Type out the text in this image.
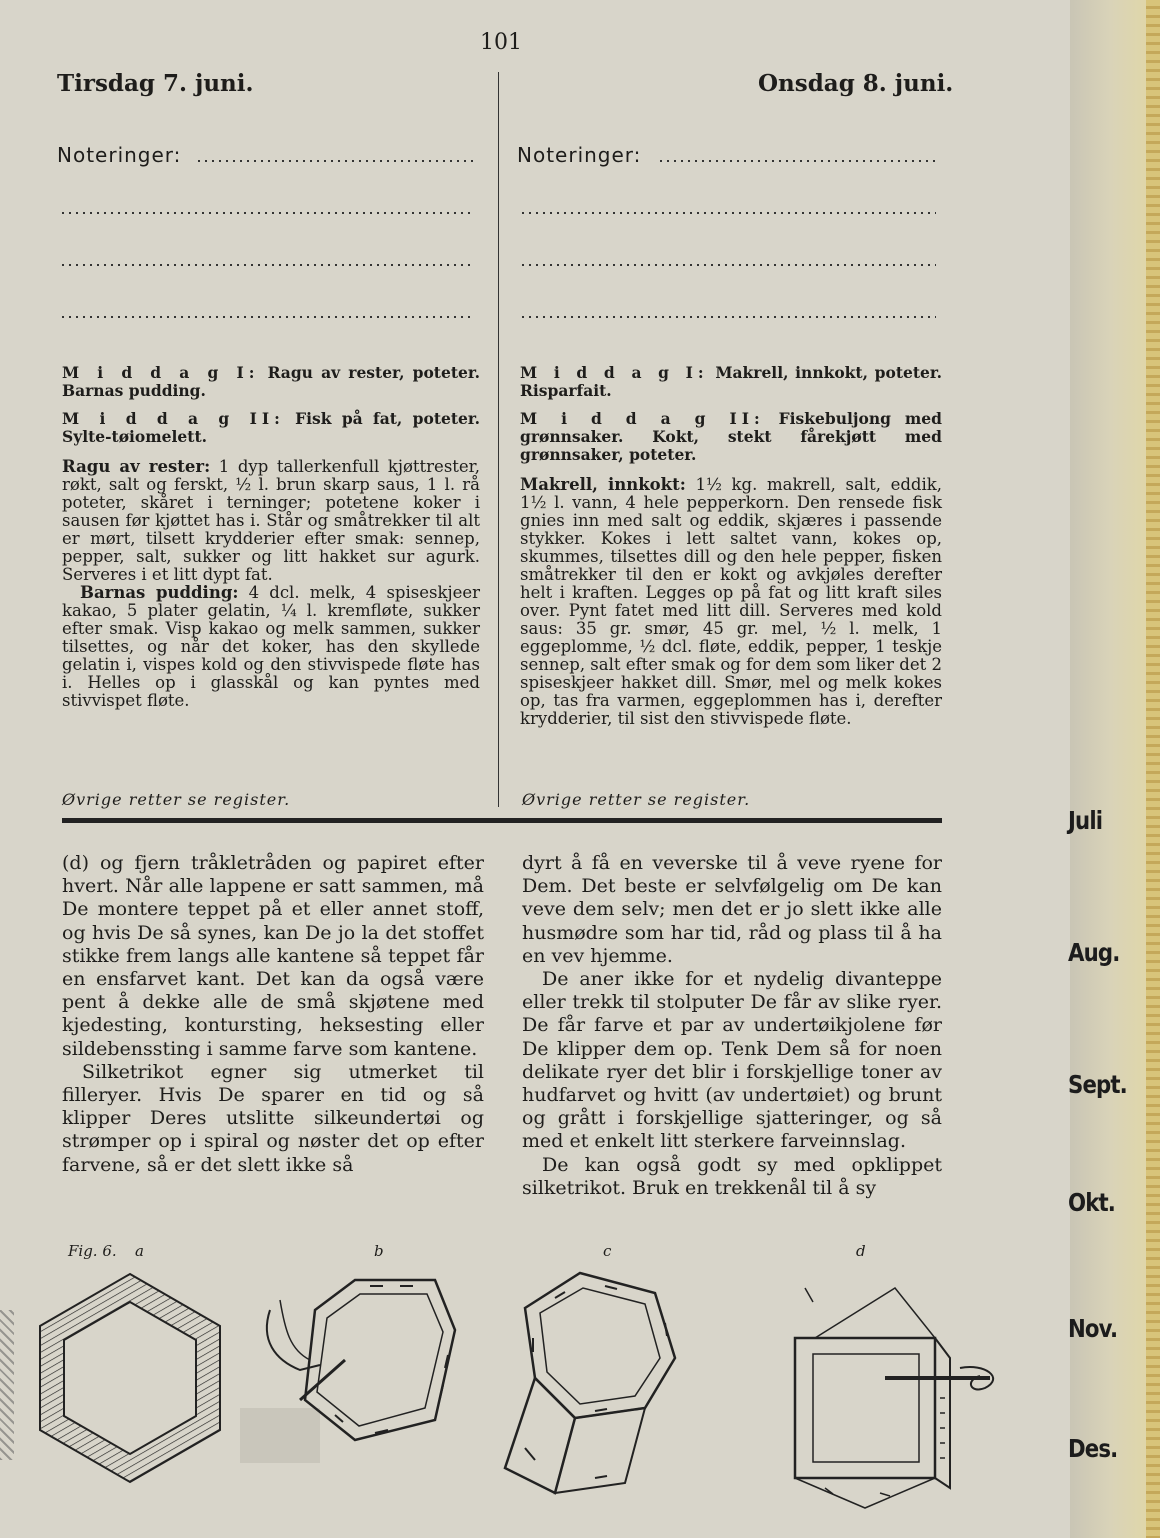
101
Tirsdag 7. juni.	Onsdag 8. juni.
Noteringer:	Noteringer:
M i d d a g I: Ragu av rester, poteter. Barnas pudding.
M i d d a g II: Fisk på fat, poteter. Sylte-tøiomelett.

Ragu av rester: 1 dyp tallerkenfull kjøttrester, røkt, salt og ferskt, ½ l. brun skarp saus, 1 l. rå poteter, skåret i terninger; potetene koker i sausen før kjøttet has i. Står og småtrekker til alt er mørt, tilsett krydderier efter smak: sennep, pepper, salt, sukker og litt hakket sur agurk. Serveres i et litt dypt fat.

Barnas pudding: 4 dcl. melk, 4 spiseskjeer kakao, 5 plater gelatin, ¼ l. kremfløte, sukker efter smak. Visp kakao og melk sammen, sukker tilsettes, og når det koker, has den skyllede gelatin i, vispes kold og den stivvispede fløte has i. Helles op i glasskål og kan pyntes med stivvispet fløte.

Øvrige retter se register.
M i d d a g I: Makrell, innkokt, poteter. Risparfait.
M i d d a g II: Fiskebuljong med grønnsaker. Kokt, stekt fårekjøtt med grønnsaker, poteter.

Makrell, innkokt: 1½ kg. makrell, salt, eddik, 1½ l. vann, 4 hele pepperkorn. Den rensede fisk gnies inn med salt og eddik, skjæres i passende stykker. Kokes i lett saltet vann, kokes op, skummes, tilsettes dill og den hele pepper, fisken småtrekker til den er kokt og avkjøles derefter helt i kraften. Legges op på fat og litt kraft siles over. Pynt fatet med litt dill. Serveres med kold saus: 35 gr. smør, 45 gr. mel, ½ l. melk, 1 eggeplomme, ½ dcl. fløte, eddik, pepper, 1 teskje sennep, salt efter smak og for dem som liker det 2 spiseskjeer hakket dill. Smør, mel og melk kokes op, tas fra varmen, eggeplommen has i, derefter krydderier, til sist den stivvispede fløte.

Øvrige retter se register.

(d) og fjern tråkletråden og papiret efter hvert. Når alle lappene er satt sammen, må De montere teppet på et eller annet stoff, og hvis De så synes, kan De jo la det stoffet stikke frem langs alle kantene så teppet får en ensfarvet kant. Det kan da også være pent å dekke alle de små skjøtene med kjedesting, kontursting, heksesting eller sildebenssting i samme farve som kantene.

Silketrikot egner sig utmerket til filleryer. Hvis De sparer en tid og så klipper Deres utslitte silkeundertøi og strømper op i spiral og nøster det op efter farvene, så er det slett ikke så

dyrt å få en veverske til å veve ryene for Dem. Det beste er selvfølgelig om De kan veve dem selv; men det er jo slett ikke alle husmødre som har tid, råd og plass til å ha en vev hjemme.

De aner ikke for et nydelig divanteppe eller trekk til stolputer De får av slike ryer. De får farve et par av undertøikjolene før De klipper dem op. Tenk Dem så for noen delikate ryer det blir i forskjellige toner av hudfarvet og hvitt (av undertøiet) og brunt og grått i forskjellige sjatteringer, og så med et enkelt litt sterkere farveinnslag.

De kan også godt sy med opklippet silketrikot. Bruk en trekkenål til å sy

Fig. 6. a	b	c	d
Juli
Aug.
Sept.
Okt.
Nov.
Des.
